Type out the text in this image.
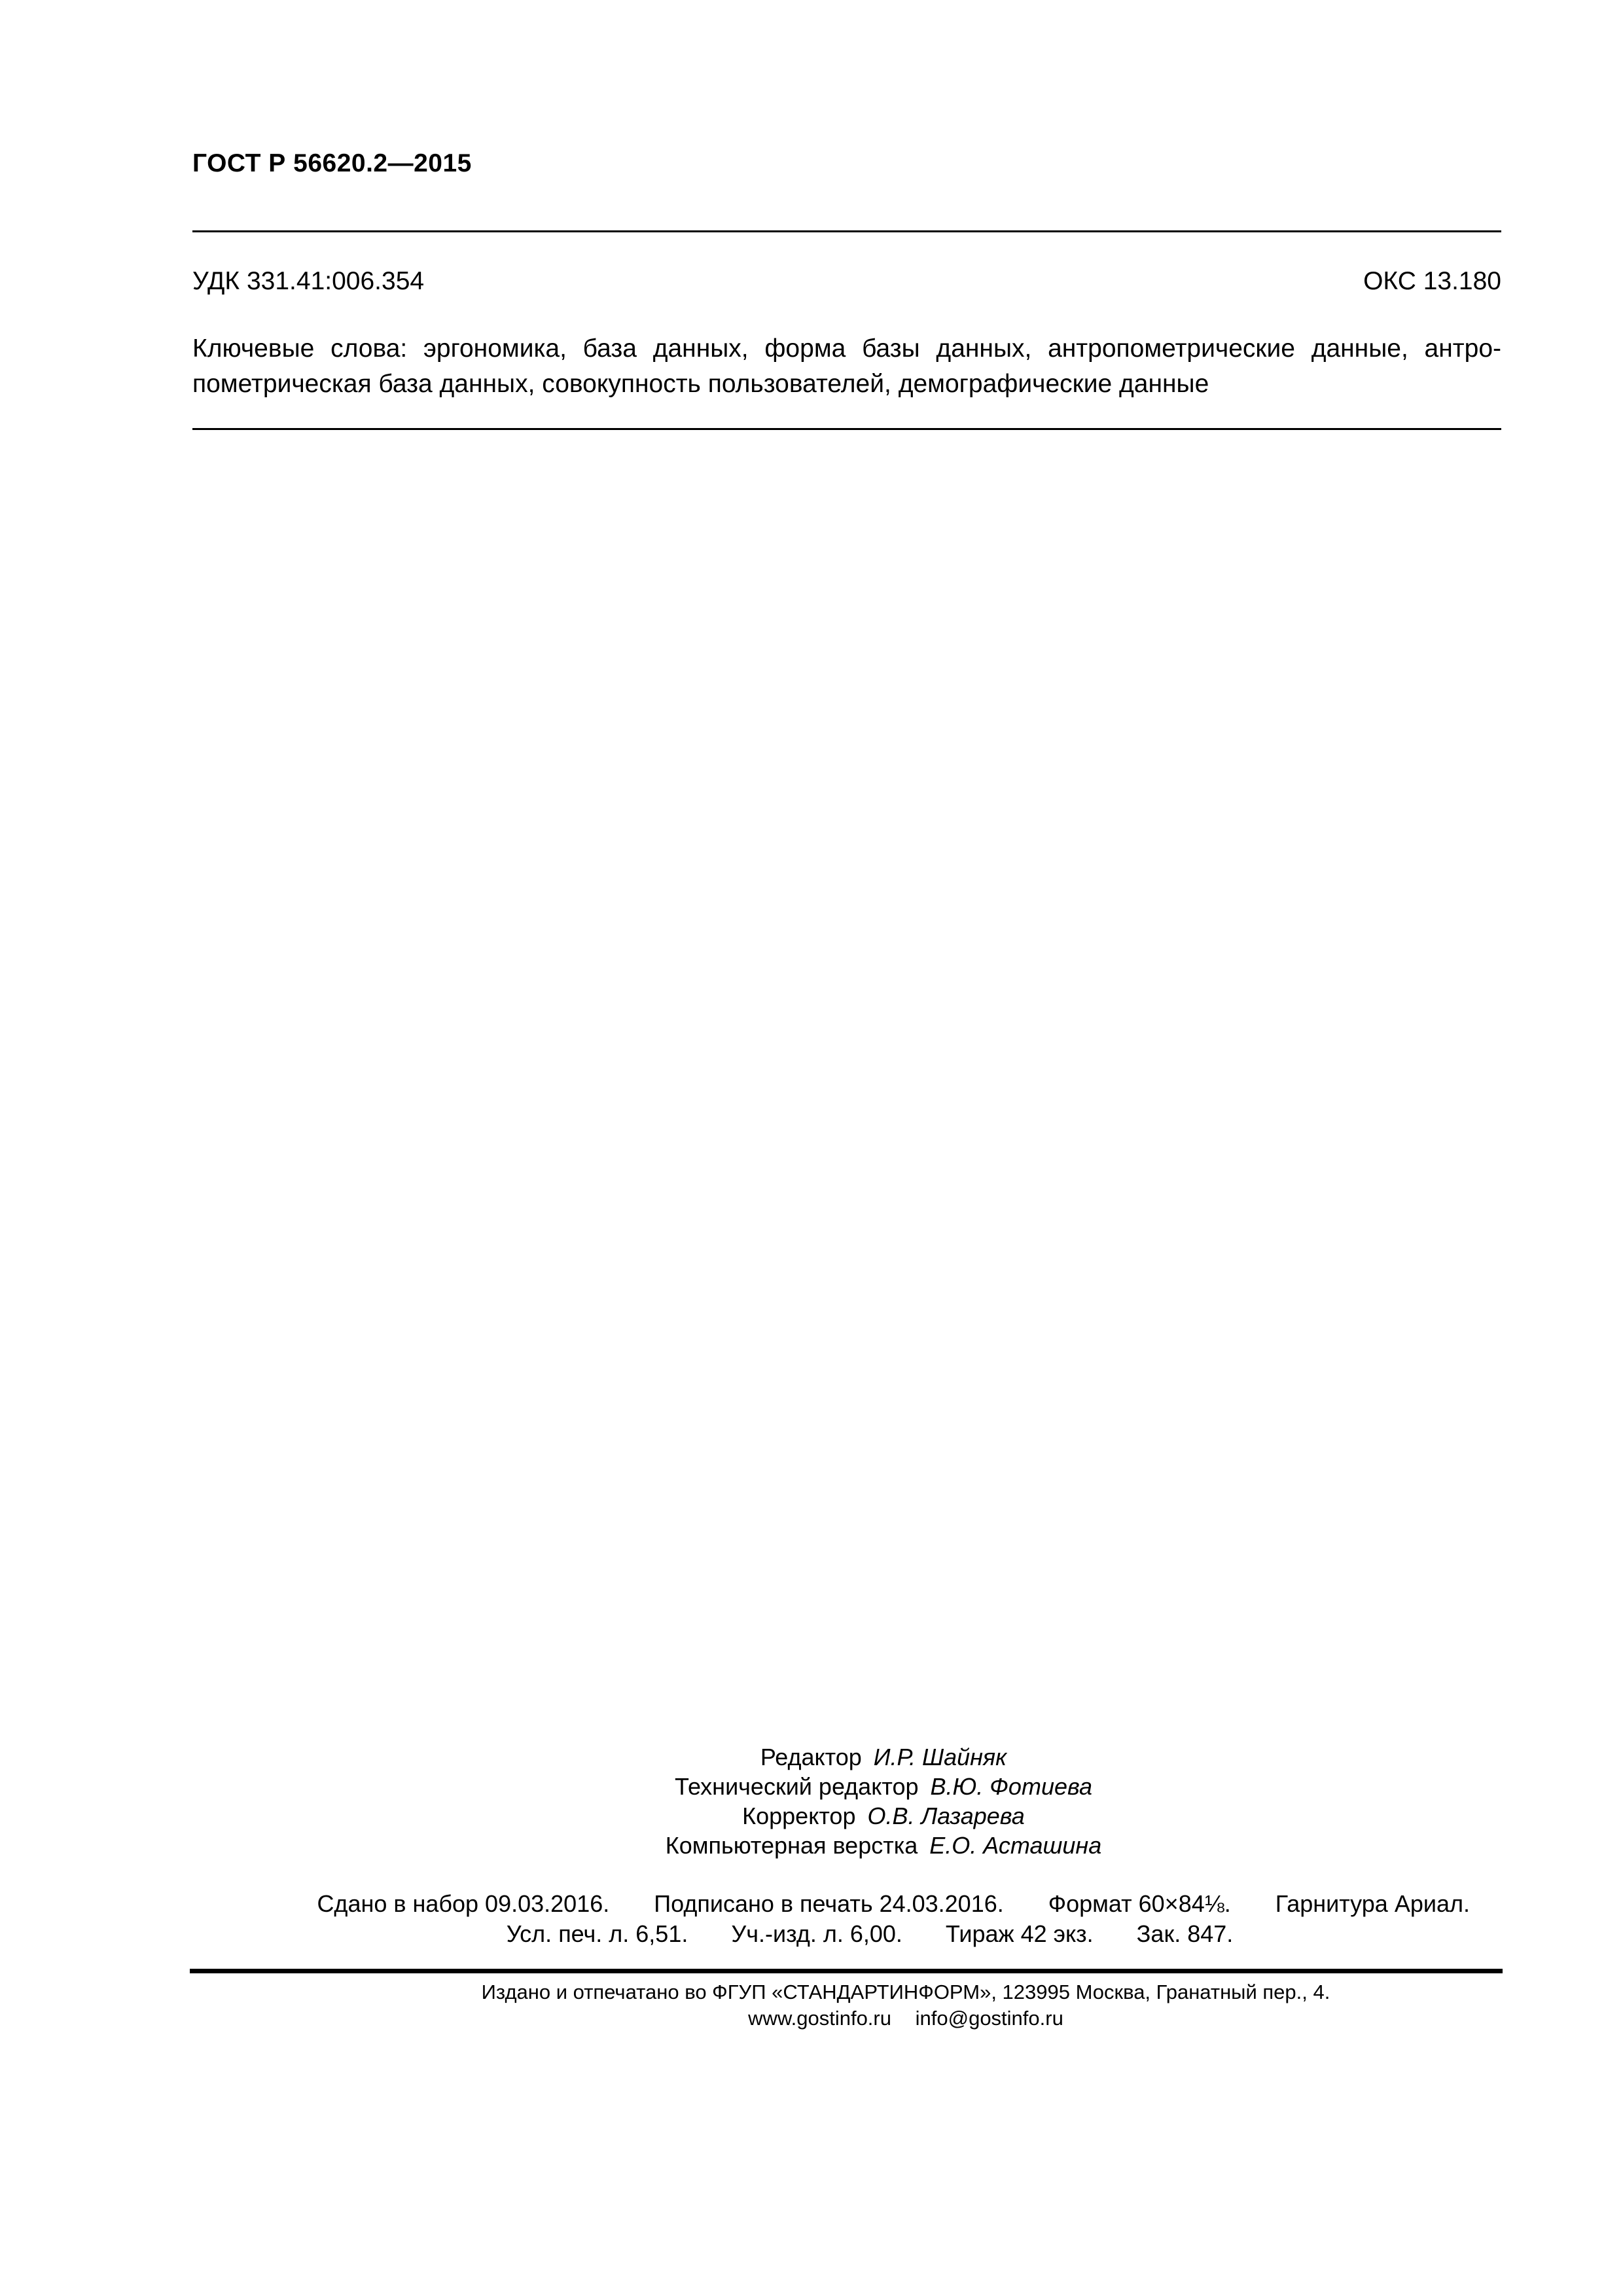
ГОСТ Р 56620.2—2015
УДК 331.41:006.354	ОКС 13.180
Ключевые слова: эргономика, база данных, форма базы данных, антропометрические данные, антро-
пометрическая база данных, совокупность пользователей, демографические данные
Редактор И.Р. Шайняк
Технический редактор В.Ю. Фотиева
Корректор О.В. Лазарева
Компьютерная верстка Е.О. Асташина
Сдано в набор 09.03.2016. Подписано в печать 24.03.2016. Формат 60×84⅛. Гарнитура Ариал.
Усл. печ. л. 6,51. Уч.-изд. л. 6,00. Тираж 42 экз. Зак. 847.
Издано и отпечатано во ФГУП «СТАНДАРТИНФОРМ», 123995 Москва, Гранатный пер., 4.
www.gostinfo.ru info@gostinfo.ru
